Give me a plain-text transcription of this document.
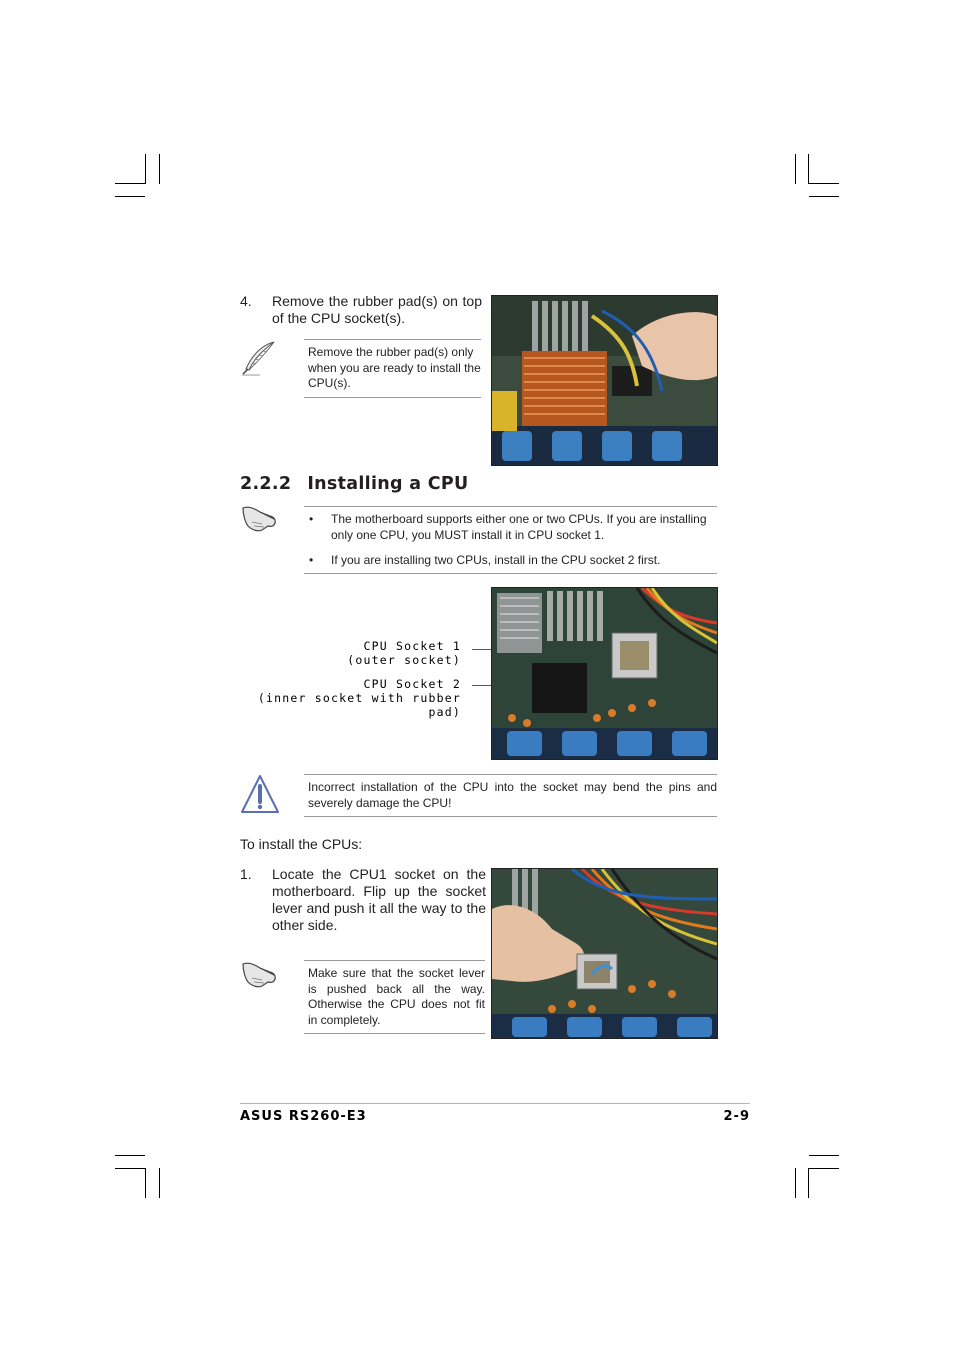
4. Remove the rubber pad(s) on top of the CPU socket(s).
Remove the rubber pad(s) only when you are ready to install the CPU(s).
2.2.2 Installing a CPU
•	The motherboard supports either one or two CPUs. If you are installing only one CPU, you MUST install it in CPU socket 1.
•	If you are installing two CPUs, install in the CPU socket 2 first.
CPU Socket 1
(outer socket)
CPU Socket 2
(inner socket with rubber pad)
Incorrect installation of the CPU into the socket may bend the pins and severely damage the CPU!
To install the CPUs:
1. Locate the CPU1 socket on the motherboard. Flip up the socket lever and push it all the way to the other side.
Make sure that the socket lever is pushed back all the way. Otherwise the CPU does not fit in completely.
ASUS RS260-E3	2-9
